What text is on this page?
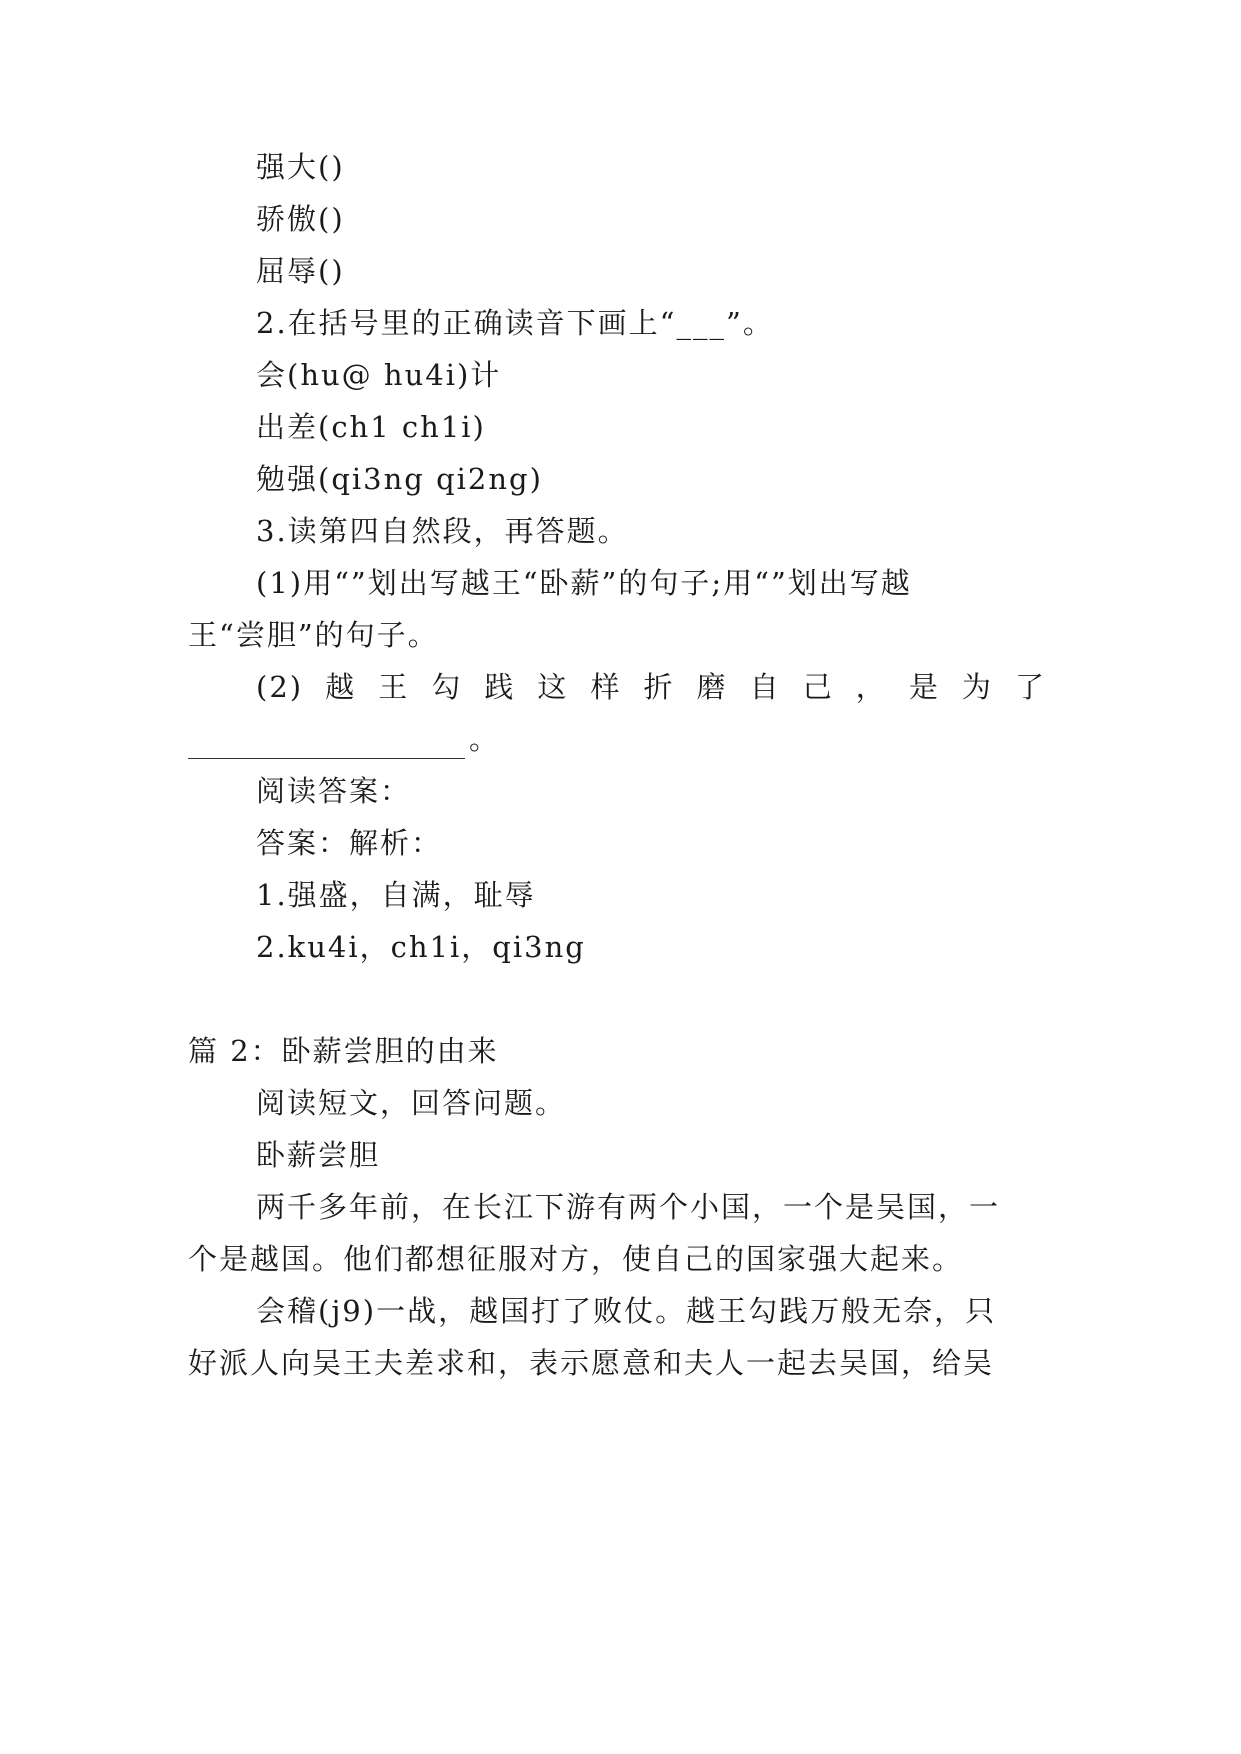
强大()
骄傲()
屈辱()
2.在括号里的正确读音下画上“___”。
会(hu@ hu4i)计
出差(ch1 ch1i)
勉强(qi3ng qi2ng)
3.读第四自然段，再答题。
(1)用“”划出写越王“卧薪”的句子;用“”划出写越
王“尝胆”的句子。
(2) 越 王 勾 践 这 样 折 磨 自 己 ， 是 为 了
。
阅读答案：
答案：解析：
1.强盛，自满，耻辱
2.ku4i，ch1i，qi3ng
篇 2：卧薪尝胆的由来
阅读短文，回答问题。
卧薪尝胆
两千多年前，在长江下游有两个小国，一个是吴国，一
个是越国。他们都想征服对方，使自己的国家强大起来。
会稽(j9)一战，越国打了败仗。越王勾践万般无奈，只
好派人向吴王夫差求和，表示愿意和夫人一起去吴国，给吴
